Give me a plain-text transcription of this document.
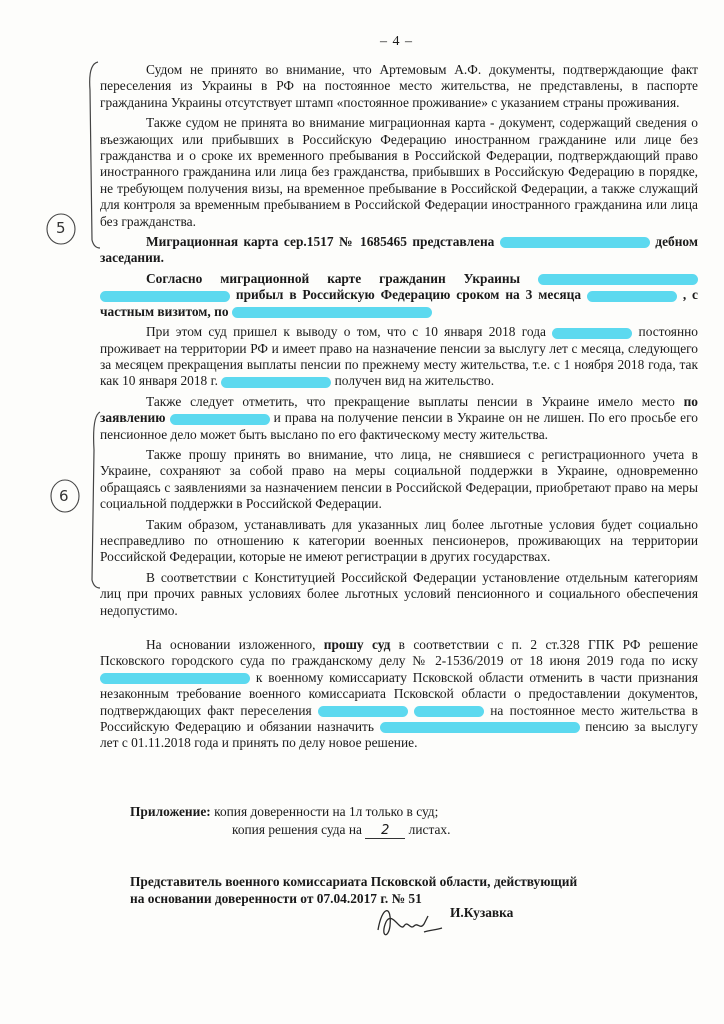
– 4 –
5
6

Судом не принято во внимание, что Артемовым А.Ф. документы, подтверждающие факт переселения из Украины в РФ на постоянное место жительства, не представлены, в паспорте гражданина Украины отсутствует штамп «постоянное проживание» с указанием страны проживания.

Также судом не принята во внимание миграционная карта - документ, содержащий сведения о въезжающих или прибывших в Российскую Федерацию иностранном гражданине или лице без гражданства и о сроке их временного пребывания в Российской Федерации, подтверждающий право иностранного гражданина или лица без гражданства, прибывших в Российскую Федерацию в порядке, не требующем получения визы, на временное пребывание в Российской Федерации, а также служащий для контроля за временным пребыванием в Российской Федерации иностранного гражданина или лица без гражданства.

Миграционная карта сер.1517 № 1685465 представлена	дебном заседании.

Согласно миграционной карте гражданин Украины   прибыл в Российскую Федерацию сроком на 3 месяца	, с частным визитом, по

При этом суд пришел к выводу о том, что с 10 января 2018 года	постоянно проживает на территории РФ и имеет право на назначение пенсии за выслугу лет с месяца, следующего за месяцем прекращения выплаты пенсии по прежнему месту жительства, т.е. с 1 ноября 2018 года, так как 10 января 2018 г.	получен вид на жительство.

Также следует отметить, что прекращение выплаты пенсии в Украине имело место по заявлению	и права на получение пенсии в Украине он не лишен. По его просьбе его пенсионное дело может быть выслано по его фактическому месту жительства.

Также прошу принять во внимание, что лица, не снявшиеся с регистрационного учета в Украине, сохраняют за собой право на меры социальной поддержки в Украине, одновременно обращаясь с заявлениями за назначением пенсии в Российской Федерации, приобретают право на меры социальной поддержки в Российской Федерации.

Таким образом, устанавливать для указанных лиц более льготные условия будет социально несправедливо по отношению к категории военных пенсионеров, проживающих на территории Российской Федерации, которые не имеют регистрации в других государствах.

В соответствии с Конституцией Российской Федерации установление отдельным категориям лиц при прочих равных условиях более льготных условий пенсионного и социального обеспечения недопустимо.

На основании изложенного, прошу суд в соответствии с п. 2 ст.328 ГПК РФ решение Псковского городского суда по гражданскому делу № 2-1536/2019 от 18 июня 2019 года по иску  к военному комиссариату Псковской области отменить в части признания незаконным требование военного комиссариата Псковской области о предоставлении документов, подтверждающих факт переселения	на постоянное место жительства в Российскую Федерацию и обязании назначить	пенсию за выслугу лет с 01.11.2018 года и принять по делу новое решение.

Приложение: копия доверенности на 1л только в суд;
копия решения суда на 2 листах.
Представитель военного комиссариата Псковской области, действующий
на основании доверенности от 07.04.2017 г. № 51
И.Кузавка
